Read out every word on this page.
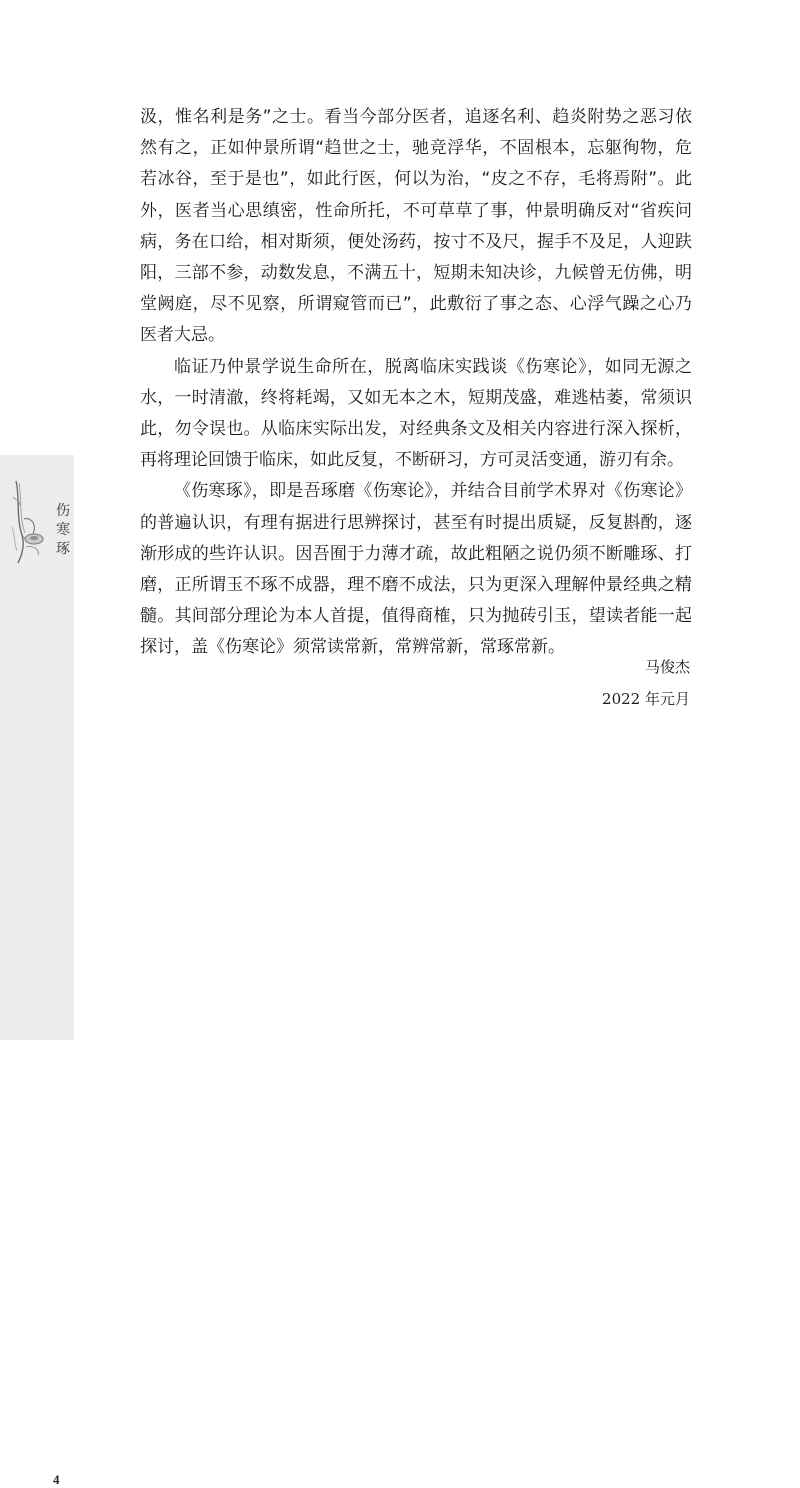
伤
寒
琢
4

汲，惟名利是务”之士。看当今部分医者，追逐名利、趋炎附势之恶习依然有之，正如仲景所谓“趋世之士，驰竞浮华，不固根本，忘躯徇物，危若冰谷，至于是也”，如此行医，何以为治，“皮之不存，毛将焉附”。此外，医者当心思缜密，性命所托，不可草草了事，仲景明确反对“省疾问病，务在口给，相对斯须，便处汤药，按寸不及尺，握手不及足，人迎趺阳，三部不参，动数发息，不满五十，短期未知决诊，九候曾无仿佛，明堂阙庭，尽不见察，所谓窥管而已”，此敷衍了事之态、心浮气躁之心乃医者大忌。

临证乃仲景学说生命所在，脱离临床实践谈《伤寒论》，如同无源之水，一时清澈，终将耗竭，又如无本之木，短期茂盛，难逃枯萎，常须识此，勿令误也。从临床实际出发，对经典条文及相关内容进行深入探析，再将理论回馈于临床，如此反复，不断研习，方可灵活变通，游刃有余。

《伤寒琢》，即是吾琢磨《伤寒论》，并结合目前学术界对《伤寒论》的普遍认识，有理有据进行思辨探讨，甚至有时提出质疑，反复斟酌，逐渐形成的些许认识。因吾囿于力薄才疏，故此粗陋之说仍须不断雕琢、打磨，正所谓玉不琢不成器，理不磨不成法，只为更深入理解仲景经典之精髓。其间部分理论为本人首提，值得商榷，只为抛砖引玉，望读者能一起探讨，盖《伤寒论》须常读常新，常辨常新，常琢常新。

马俊杰
2022 年元月
